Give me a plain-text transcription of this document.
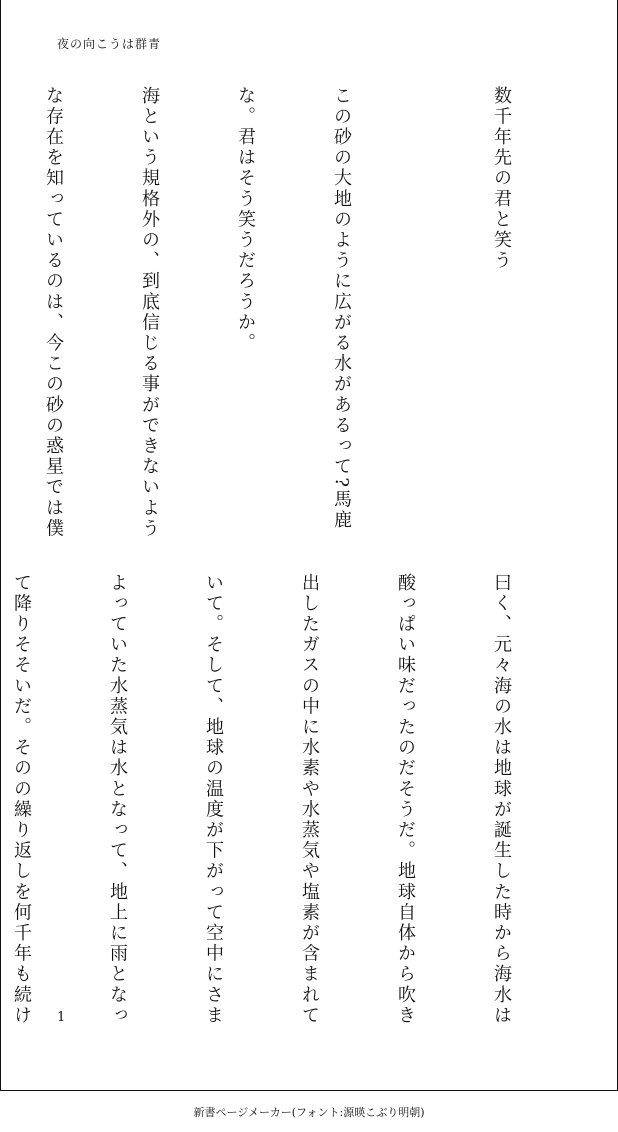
夜の向こうは群青

数千年先の君と笑う

この砂の大地のように広がる水があるって?馬鹿

な。君はそう笑うだろうか。

海という規格外の、到底信じる事ができないよう

な存在を知っているのは、今この砂の惑星では僕

曰く、元々海の水は地球が誕生した時から海水は

酸っぱい味だったのだそうだ。地球自体から吹き

出したガスの中に水素や水蒸気や塩素が含まれて

いて。そして、地球の温度が下がって空中にさま

よっていた水蒸気は水となって、地上に雨となっ

て降りそそいだ。そのの繰り返しを何千年も続け

	1
新書ページメーカー(フォント:源暎こぶり明朝)
